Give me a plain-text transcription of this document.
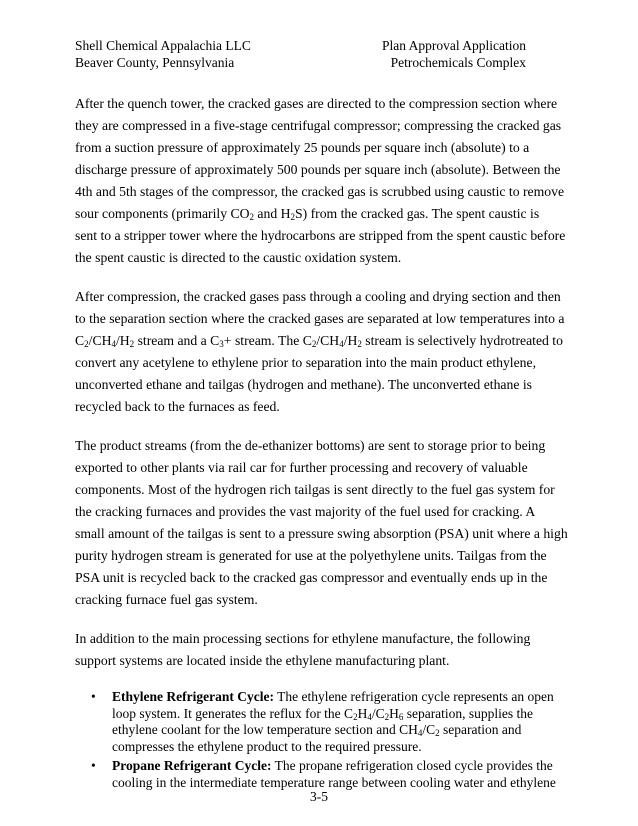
Shell Chemical Appalachia LLC
Beaver County, Pennsylvania
Plan Approval Application
Petrochemicals Complex

After the quench tower, the cracked gases are directed to the compression section where
they are compressed in a five-stage centrifugal compressor; compressing the cracked gas
from a suction pressure of approximately 25 pounds per square inch (absolute) to a
discharge pressure of approximately 500 pounds per square inch (absolute). Between the
4th and 5th stages of the compressor, the cracked gas is scrubbed using caustic to remove
sour components (primarily $CO_2$ and $H_2S$) from the cracked gas. The spent caustic is
sent to a stripper tower where the hydrocarbons are stripped from the spent caustic before
the spent caustic is directed to the caustic oxidation system.

After compression, the cracked gases pass through a cooling and drying section and then
to the separation section where the cracked gases are separated at low temperatures into a
$C_2/CH_4/H_2$ stream and a $C_3+$ stream. The $C_2/CH_4/H_2$ stream is selectively hydrotreated to
convert any acetylene to ethylene prior to separation into the main product ethylene,
unconverted ethane and tailgas (hydrogen and methane). The unconverted ethane is
recycled back to the furnaces as feed.

The product streams (from the de-ethanizer bottoms) are sent to storage prior to being
exported to other plants via rail car for further processing and recovery of valuable
components. Most of the hydrogen rich tailgas is sent directly to the fuel gas system for
the cracking furnaces and provides the vast majority of the fuel used for cracking. A
small amount of the tailgas is sent to a pressure swing absorption (PSA) unit where a high
purity hydrogen stream is generated for use at the polyethylene units. Tailgas from the
PSA unit is recycled back to the cracked gas compressor and eventually ends up in the
cracking furnace fuel gas system.

In addition to the main processing sections for ethylene manufacture, the following
support systems are located inside the ethylene manufacturing plant.

• Ethylene Refrigerant Cycle: The ethylene refrigeration cycle represents an open
loop system. It generates the reflux for the $C_2H_4/C_2H_6$ separation, supplies the
ethylene coolant for the low temperature section and $CH_4/C_2$ separation and
compresses the ethylene product to the required pressure.
• Propane Refrigerant Cycle: The propane refrigeration closed cycle provides the
cooling in the intermediate temperature range between cooling water and ethylene
3-5
